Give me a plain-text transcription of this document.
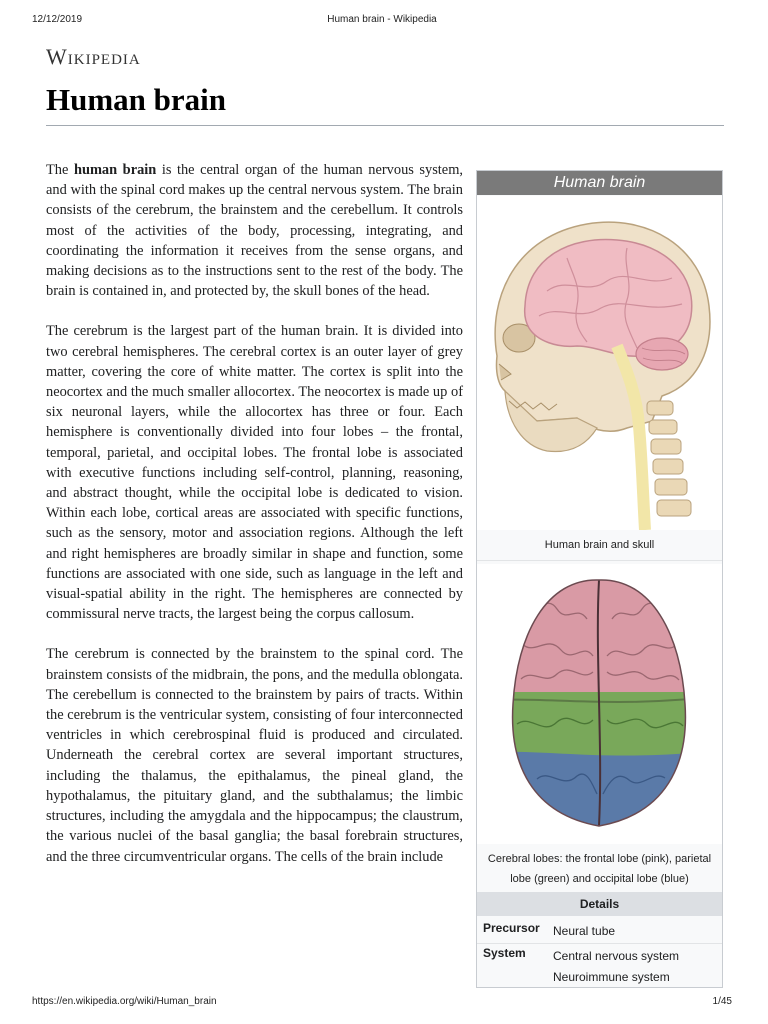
12/12/2019	Human brain - Wikipedia
Wikipedia
Human brain

The human brain is the central organ of the human nervous system, and with the spinal cord makes up the central nervous system. The brain consists of the cerebrum, the brainstem and the cerebellum. It controls most of the activities of the body, processing, integrating, and coordinating the information it receives from the sense organs, and making decisions as to the instructions sent to the rest of the body. The brain is contained in, and protected by, the skull bones of the head.

The cerebrum is the largest part of the human brain. It is divided into two cerebral hemispheres. The cerebral cortex is an outer layer of grey matter, covering the core of white matter. The cortex is split into the neocortex and the much smaller allocortex. The neocortex is made up of six neuronal layers, while the allocortex has three or four. Each hemisphere is conventionally divided into four lobes – the frontal, temporal, parietal, and occipital lobes. The frontal lobe is associated with executive functions including self-control, planning, reasoning, and abstract thought, while the occipital lobe is dedicated to vision. Within each lobe, cortical areas are associated with specific functions, such as the sensory, motor and association regions. Although the left and right hemispheres are broadly similar in shape and function, some functions are associated with one side, such as language in the left and visual-spatial ability in the right. The hemispheres are connected by commissural nerve tracts, the largest being the corpus callosum.

The cerebrum is connected by the brainstem to the spinal cord. The brainstem consists of the midbrain, the pons, and the medulla oblongata. The cerebellum is connected to the brainstem by pairs of tracts. Within the cerebrum is the ventricular system, consisting of four interconnected ventricles in which cerebrospinal fluid is produced and circulated. Underneath the cerebral cortex are several important structures, including the thalamus, the epithalamus, the pineal gland, the hypothalamus, the pituitary gland, and the subthalamus; the limbic structures, including the amygdala and the hippocampus; the claustrum, the various nuclei of the basal ganglia; the basal forebrain structures, and the three circumventricular organs. The cells of the brain include

Human brain
Human brain and skull
Cerebral lobes: the frontal lobe (pink), parietal lobe (green) and occipital lobe (blue)
Details
Precursor Neural tube
System Central nervous system
Neuroimmune system
https://en.wikipedia.org/wiki/Human_brain	1/45
